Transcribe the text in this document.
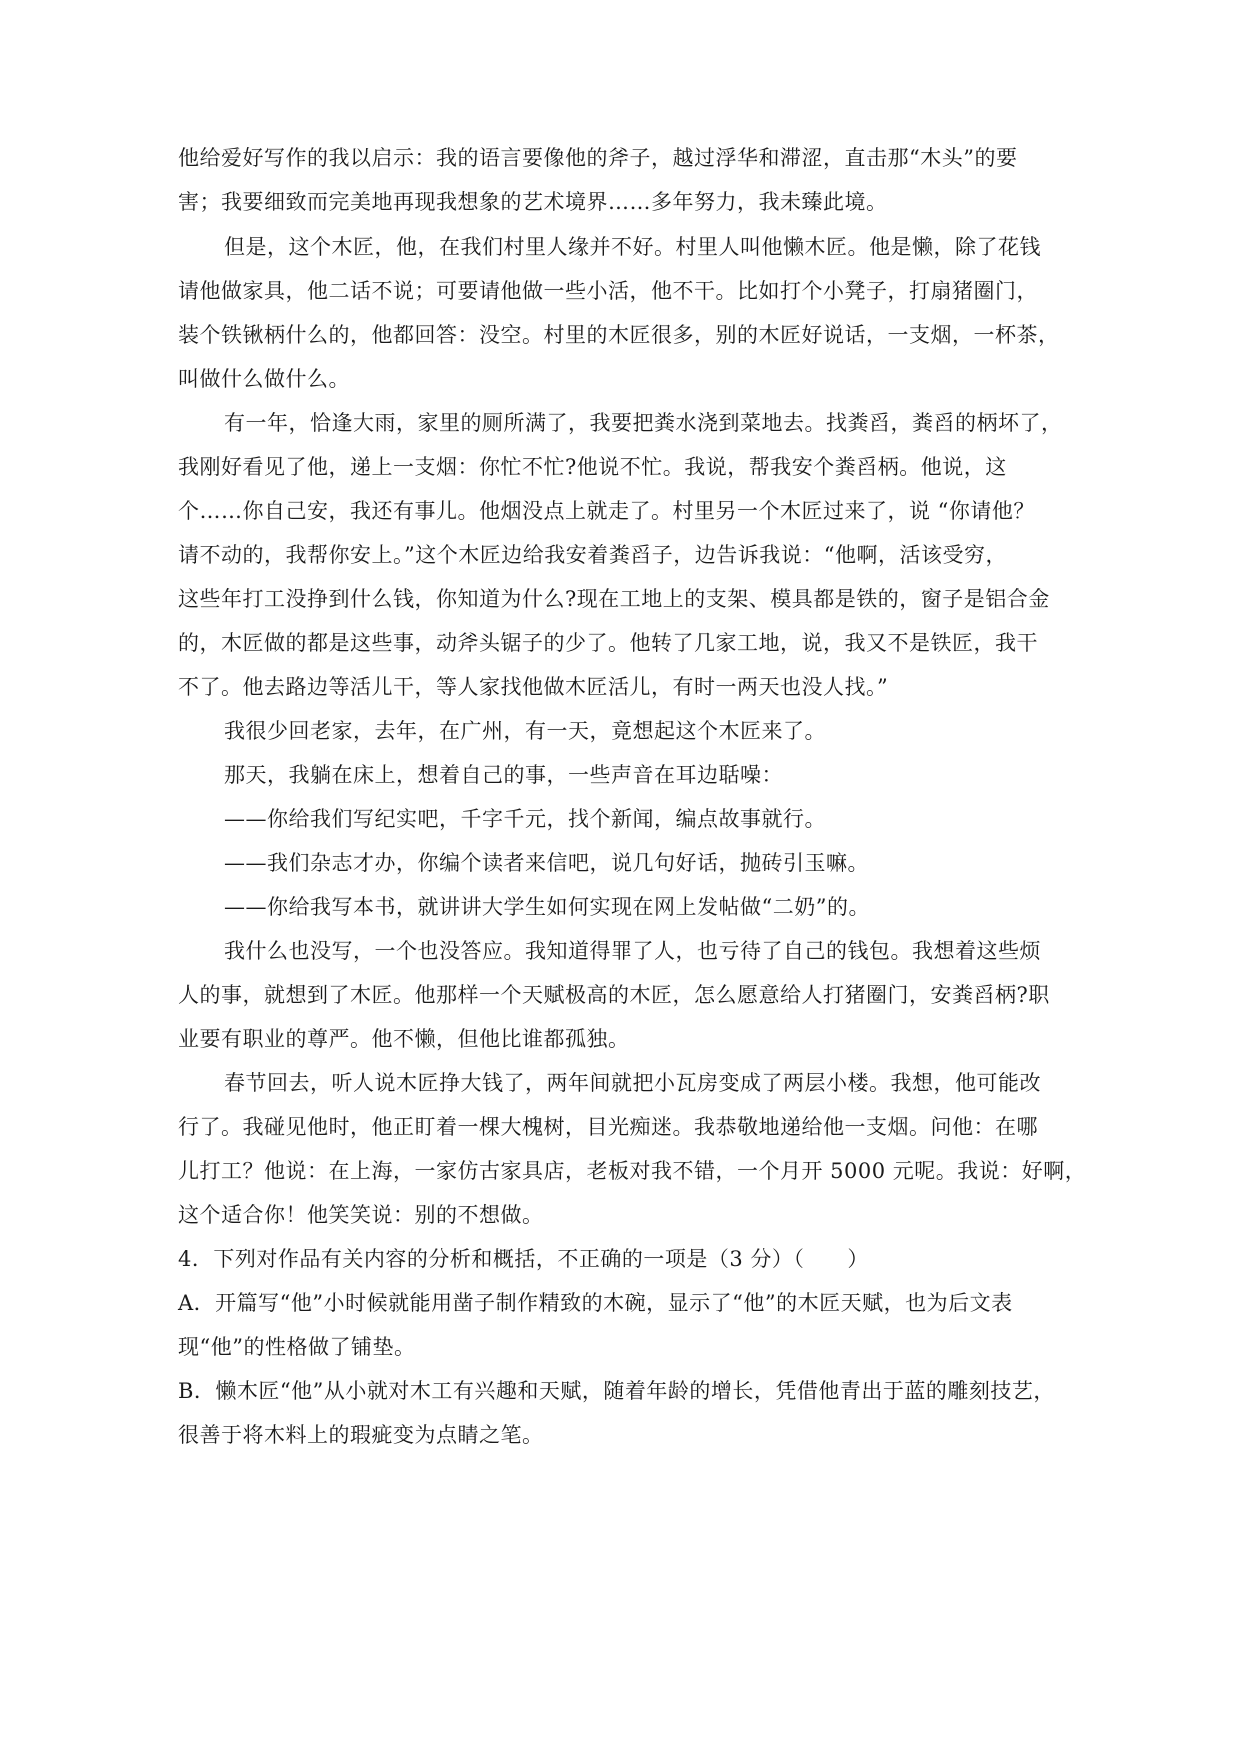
他给爱好写作的我以启示：我的语言要像他的斧子，越过浮华和滞涩，直击那“木头”的要
害；我要细致而完美地再现我想象的艺术境界……多年努力，我未臻此境。
但是，这个木匠，他，在我们村里人缘并不好。村里人叫他懒木匠。他是懒，除了花钱
请他做家具，他二话不说；可要请他做一些小活，他不干。比如打个小凳子，打扇猪圈门，
装个铁锹柄什么的，他都回答：没空。村里的木匠很多，别的木匠好说话，一支烟，一杯茶，
叫做什么做什么。
有一年，恰逢大雨，家里的厕所满了，我要把粪水浇到菜地去。找粪舀，粪舀的柄坏了，
我刚好看见了他，递上一支烟：你忙不忙?他说不忙。我说，帮我安个粪舀柄。他说，这
个……你自己安，我还有事儿。他烟没点上就走了。村里另一个木匠过来了，说 “你请他？
请不动的，我帮你安上。”这个木匠边给我安着粪舀子，边告诉我说：“他啊，活该受穷，
这些年打工没挣到什么钱，你知道为什么?现在工地上的支架、模具都是铁的，窗子是铝合金
的，木匠做的都是这些事，动斧头锯子的少了。他转了几家工地，说，我又不是铁匠，我干
不了。他去路边等活儿干，等人家找他做木匠活儿，有时一两天也没人找。”
我很少回老家，去年，在广州，有一天，竟想起这个木匠来了。
那天，我躺在床上，想着自己的事，一些声音在耳边聒噪：
——你给我们写纪实吧，千字千元，找个新闻，编点故事就行。
——我们杂志才办，你编个读者来信吧，说几句好话，抛砖引玉嘛。
——你给我写本书，就讲讲大学生如何实现在网上发帖做“二奶”的。
我什么也没写，一个也没答应。我知道得罪了人，也亏待了自己的钱包。我想着这些烦
人的事，就想到了木匠。他那样一个天赋极高的木匠，怎么愿意给人打猪圈门，安粪舀柄?职
业要有职业的尊严。他不懒，但他比谁都孤独。
春节回去，听人说木匠挣大钱了，两年间就把小瓦房变成了两层小楼。我想，他可能改
行了。我碰见他时，他正盯着一棵大槐树，目光痴迷。我恭敬地递给他一支烟。问他：在哪
儿打工？他说：在上海，一家仿古家具店，老板对我不错，一个月开 5000 元呢。我说：好啊，
这个适合你！他笑笑说：别的不想做。
4．下列对作品有关内容的分析和概括，不正确的一项是（3 分）（　　）
A．开篇写“他”小时候就能用凿子制作精致的木碗，显示了“他”的木匠天赋，也为后文表
现“他”的性格做了铺垫。
B．懒木匠“他”从小就对木工有兴趣和天赋，随着年龄的增长，凭借他青出于蓝的雕刻技艺，
很善于将木料上的瑕疵变为点睛之笔。
